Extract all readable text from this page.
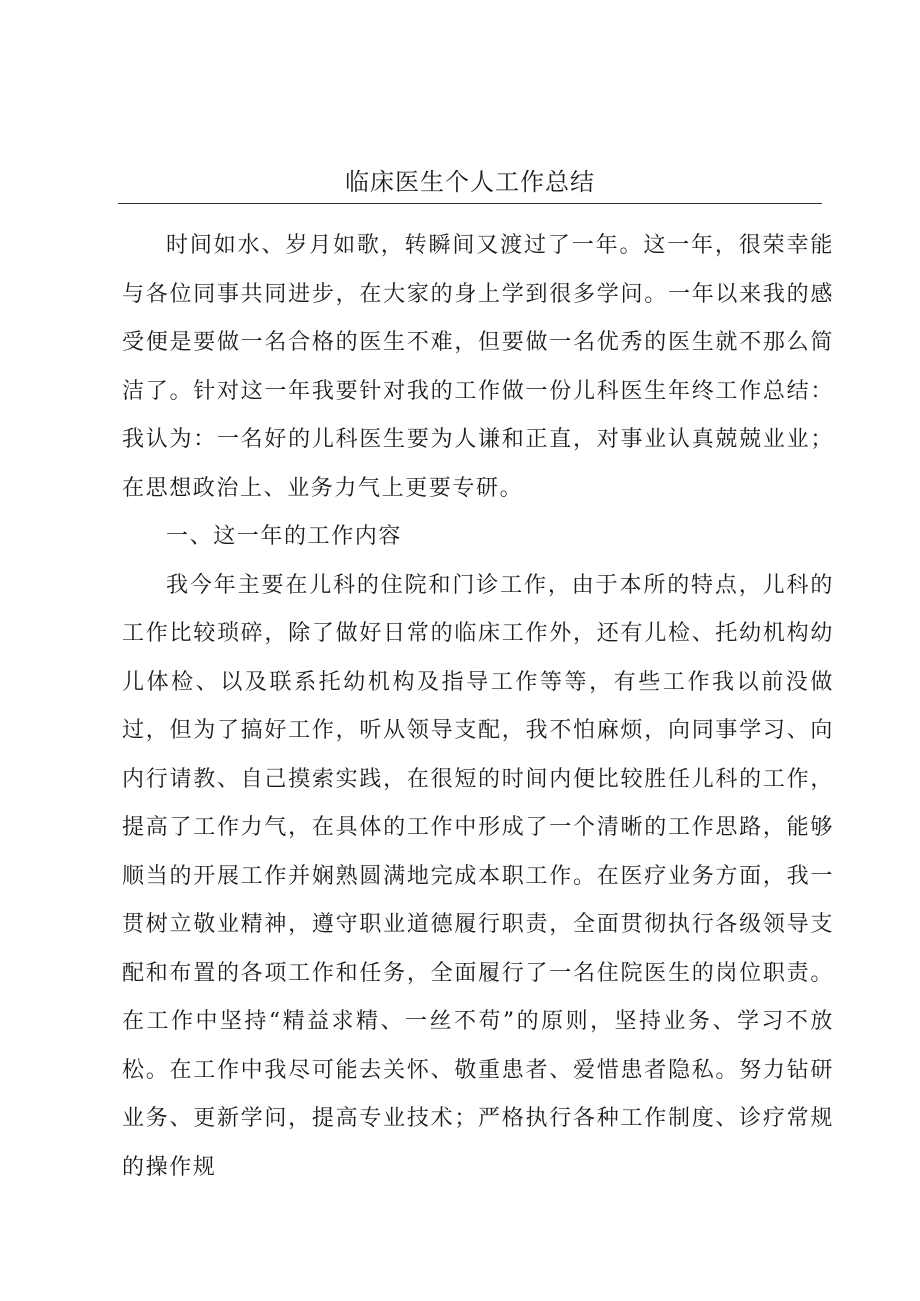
临床医生个人工作总结

时间如水、岁月如歌，转瞬间又渡过了一年。这一年，很荣幸能与各位同事共同进步，在大家的身上学到很多学问。一年以来我的感受便是要做一名合格的医生不难，但要做一名优秀的医生就不那么简洁了。针对这一年我要针对我的工作做一份儿科医生年终工作总结：我认为：一名好的儿科医生要为人谦和正直，对事业认真兢兢业业；在思想政治上、业务力气上更要专研。

一、这一年的工作内容

我今年主要在儿科的住院和门诊工作，由于本所的特点，儿科的工作比较琐碎，除了做好日常的临床工作外，还有儿检、托幼机构幼儿体检、以及联系托幼机构及指导工作等等，有些工作我以前没做过，但为了搞好工作，听从领导支配，我不怕麻烦，向同事学习、向内行请教、自己摸索实践，在很短的时间内便比较胜任儿科的工作，提高了工作力气，在具体的工作中形成了一个清晰的工作思路，能够顺当的开展工作并娴熟圆满地完成本职工作。在医疗业务方面，我一贯树立敬业精神，遵守职业道德履行职责，全面贯彻执行各级领导支配和布置的各项工作和任务，全面履行了一名住院医生的岗位职责。在工作中坚持“精益求精、一丝不苟”的原则，坚持业务、学习不放松。在工作中我尽可能去关怀、敬重患者、爱惜患者隐私。努力钻研业务、更新学问，提高专业技术；严格执行各种工作制度、诊疗常规的操作规
